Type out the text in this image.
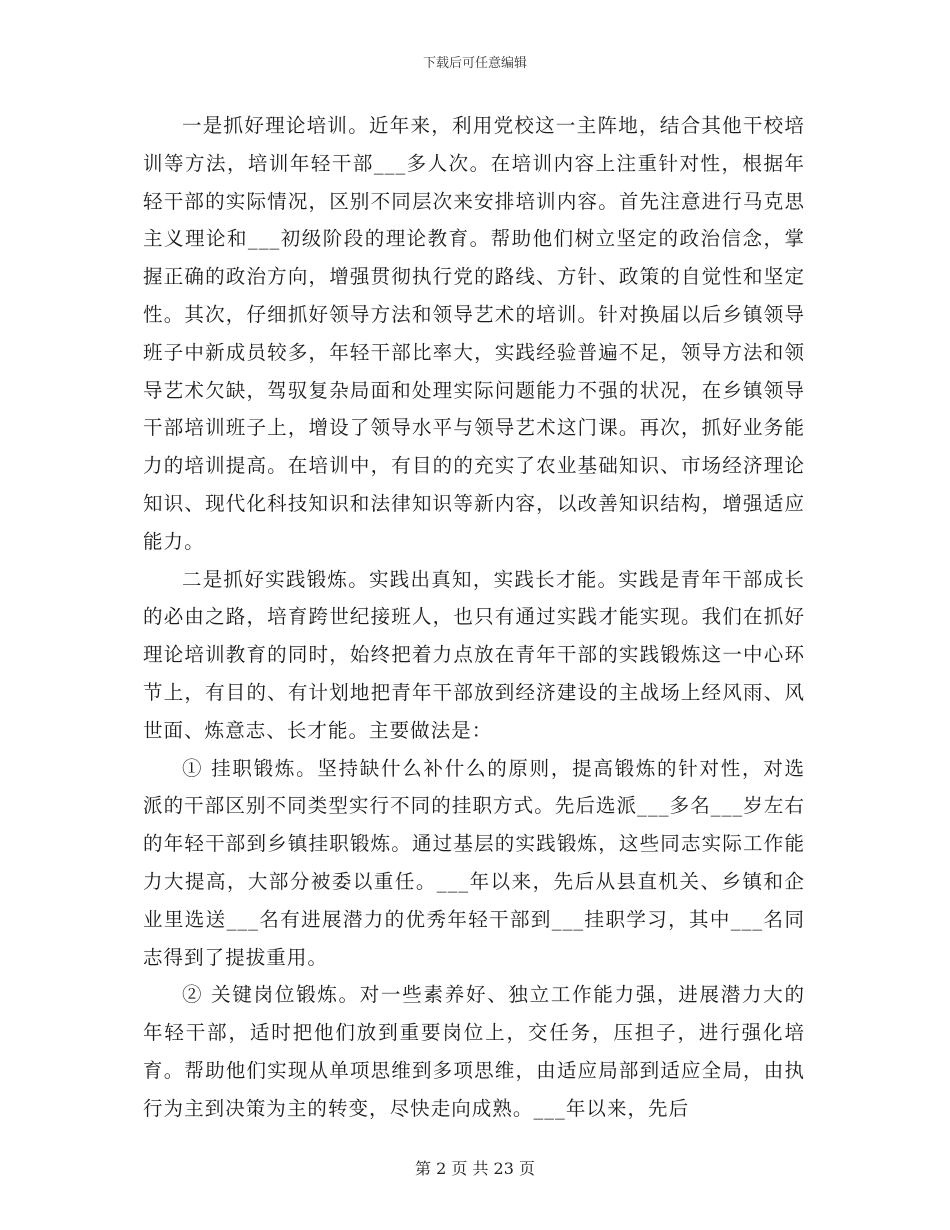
下载后可任意编辑

一是抓好理论培训。近年来，利用党校这一主阵地，结合其他干校培训等方法，培训年轻干部___多人次。在培训内容上注重针对性，根据年轻干部的实际情况，区别不同层次来安排培训内容。首先注意进行马克思主义理论和___初级阶段的理论教育。帮助他们树立坚定的政治信念，掌握正确的政治方向，增强贯彻执行党的路线、方针、政策的自觉性和坚定性。其次，仔细抓好领导方法和领导艺术的培训。针对换届以后乡镇领导班子中新成员较多，年轻干部比率大，实践经验普遍不足，领导方法和领导艺术欠缺，驾驭复杂局面和处理实际问题能力不强的状况，在乡镇领导干部培训班子上，增设了领导水平与领导艺术这门课。再次，抓好业务能力的培训提高。在培训中，有目的的充实了农业基础知识、市场经济理论知识、现代化科技知识和法律知识等新内容，以改善知识结构，增强适应能力。

二是抓好实践锻炼。实践出真知，实践长才能。实践是青年干部成长的必由之路，培育跨世纪接班人，也只有通过实践才能实现。我们在抓好理论培训教育的同时，始终把着力点放在青年干部的实践锻炼这一中心环节上，有目的、有计划地把青年干部放到经济建设的主战场上经风雨、风世面、炼意志、长才能。主要做法是：

① 挂职锻炼。坚持缺什么补什么的原则，提高锻炼的针对性，对选派的干部区别不同类型实行不同的挂职方式。先后选派___多名___岁左右的年轻干部到乡镇挂职锻炼。通过基层的实践锻炼，这些同志实际工作能力大提高，大部分被委以重任。___年以来，先后从县直机关、乡镇和企业里选送___名有进展潜力的优秀年轻干部到___挂职学习，其中___名同志得到了提拔重用。

② 关键岗位锻炼。对一些素养好、独立工作能力强，进展潜力大的年轻干部，适时把他们放到重要岗位上，交任务，压担子，进行强化培育。帮助他们实现从单项思维到多项思维，由适应局部到适应全局，由执行为主到决策为主的转变，尽快走向成熟。___年以来，先后

第 2 页 共 23 页
